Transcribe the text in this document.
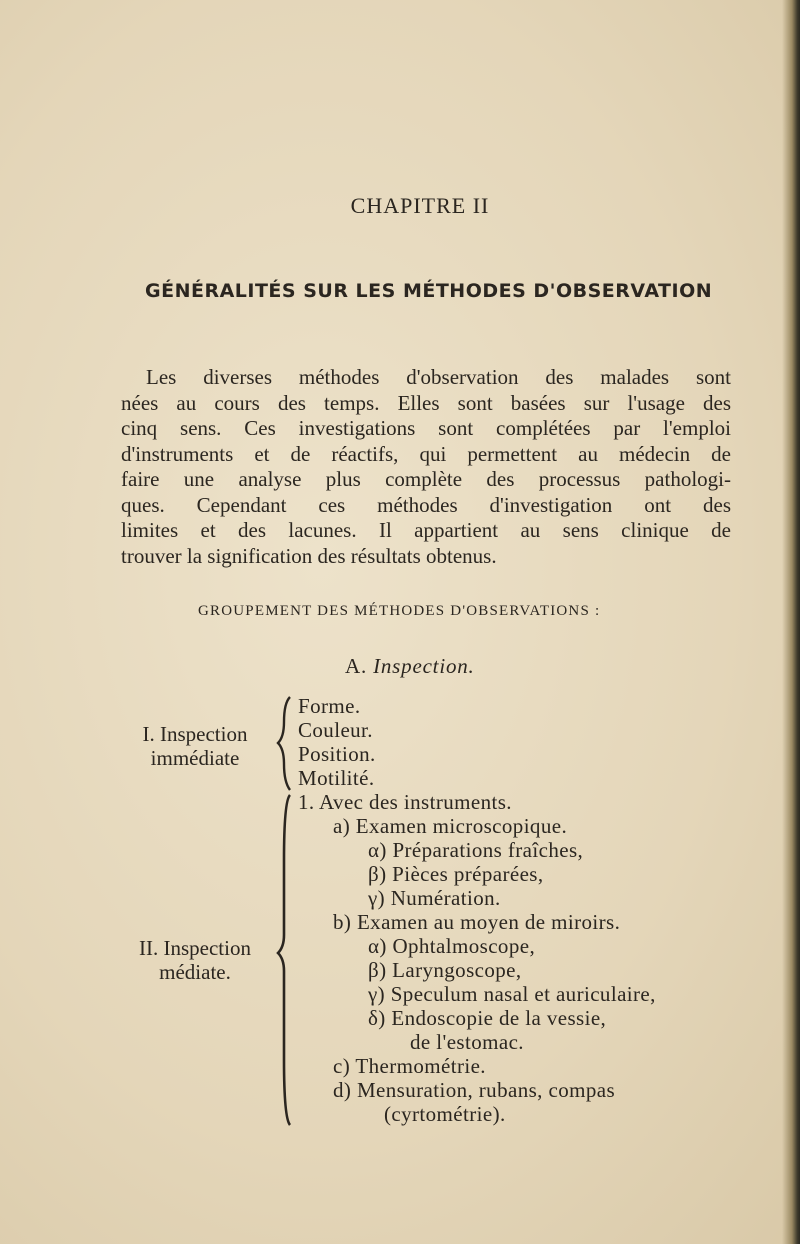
CHAPITRE II
GÉNÉRALITÉS SUR LES MÉTHODES D'OBSERVATION
Les diverses méthodes d'observation des malades sont
nées au cours des temps. Elles sont basées sur l'usage des
cinq sens. Ces investigations sont complétées par l'emploi
d'instruments et de réactifs, qui permettent au médecin de
faire une analyse plus complète des processus pathologi-
ques. Cependant ces méthodes d'investigation ont des
limites et des lacunes. Il appartient au sens clinique de
trouver la signification des résultats obtenus.
GROUPEMENT DES MÉTHODES D'OBSERVATIONS :
A. Inspection.
I. Inspection
immédiate
Forme.
Couleur.
Position.
Motilité.
II. Inspection
médiate.
1. Avec des instruments.
a) Examen microscopique.
α) Préparations fraîches,
β) Pièces préparées,
γ) Numération.
b) Examen au moyen de miroirs.
α) Ophtalmoscope,
β) Laryngoscope,
γ) Speculum nasal et auriculaire,
δ) Endoscopie de la vessie,
de l'estomac.
c) Thermométrie.
d) Mensuration, rubans, compas
(cyrtométrie).
